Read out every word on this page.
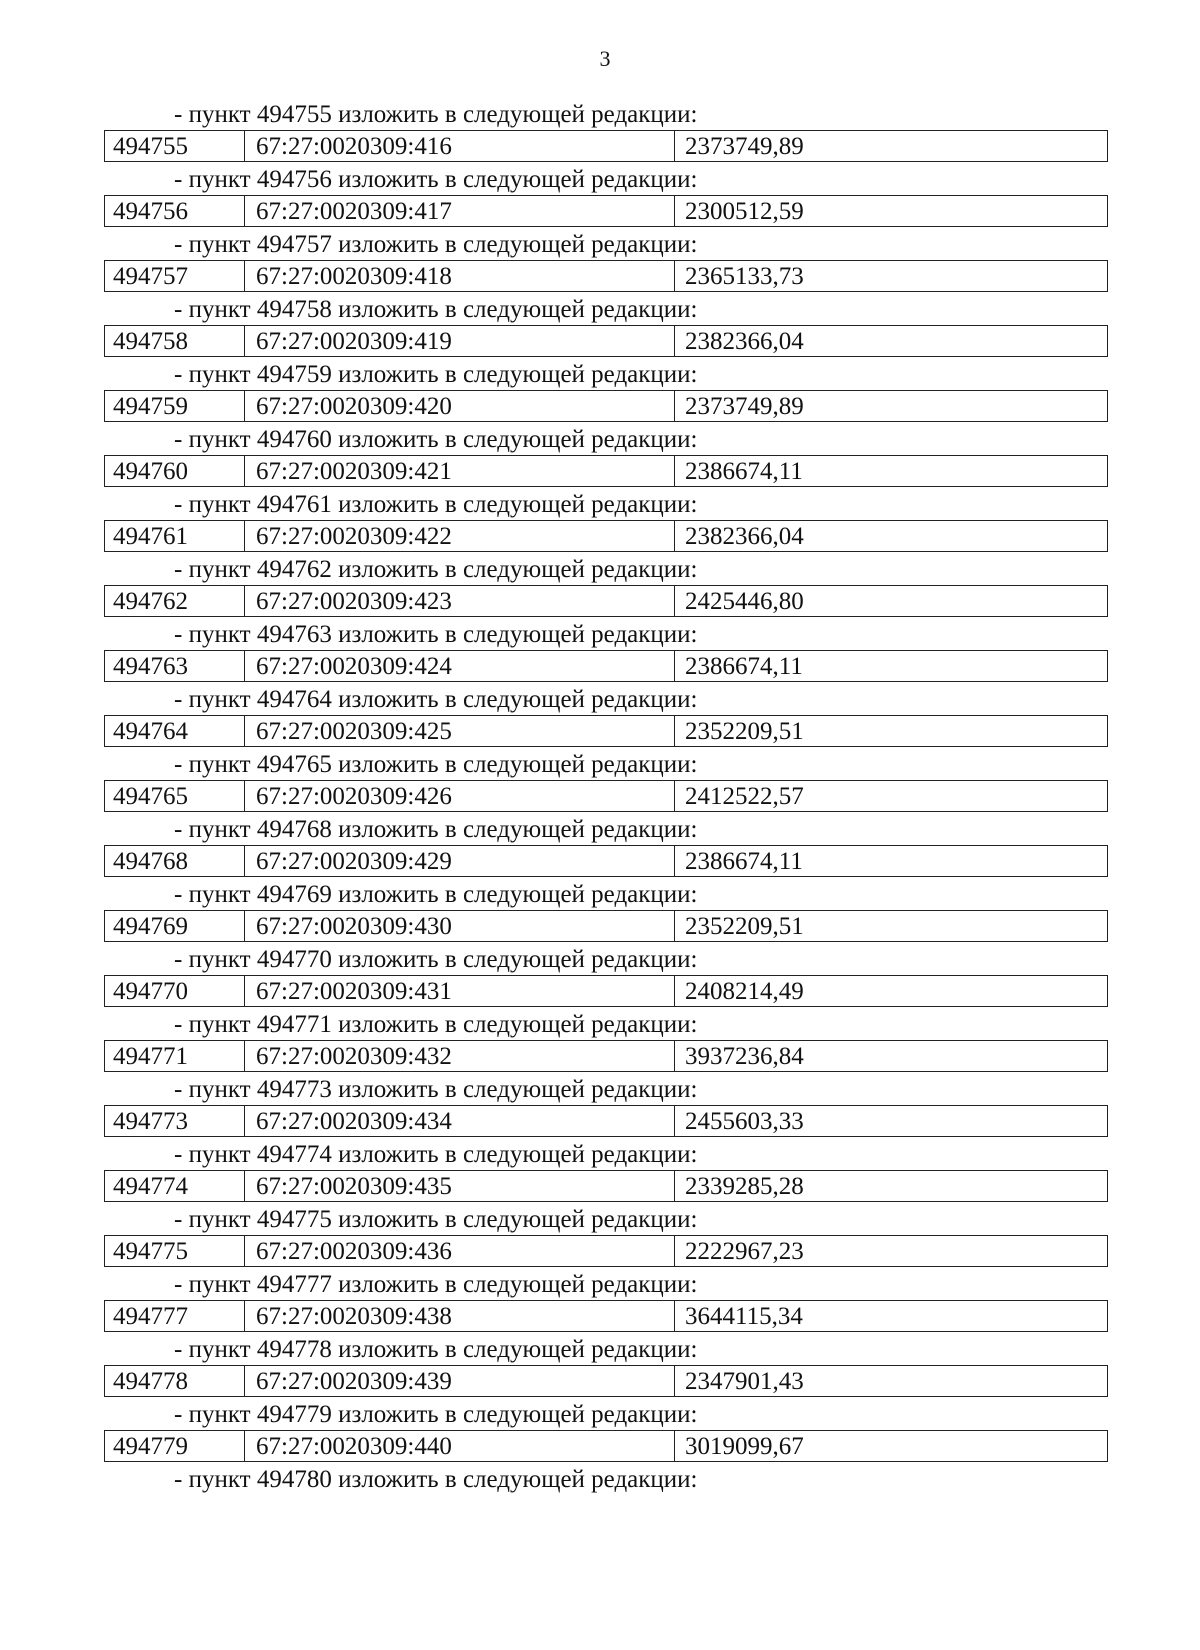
3
- пункт 494755 изложить в следующей редакции:
494755	67:27:0020309:416	2373749,89
- пункт 494756 изложить в следующей редакции:
494756	67:27:0020309:417	2300512,59
- пункт 494757 изложить в следующей редакции:
494757	67:27:0020309:418	2365133,73
- пункт 494758 изложить в следующей редакции:
494758	67:27:0020309:419	2382366,04
- пункт 494759 изложить в следующей редакции:
494759	67:27:0020309:420	2373749,89
- пункт 494760 изложить в следующей редакции:
494760	67:27:0020309:421	2386674,11
- пункт 494761 изложить в следующей редакции:
494761	67:27:0020309:422	2382366,04
- пункт 494762 изложить в следующей редакции:
494762	67:27:0020309:423	2425446,80
- пункт 494763 изложить в следующей редакции:
494763	67:27:0020309:424	2386674,11
- пункт 494764 изложить в следующей редакции:
494764	67:27:0020309:425	2352209,51
- пункт 494765 изложить в следующей редакции:
494765	67:27:0020309:426	2412522,57
- пункт 494768 изложить в следующей редакции:
494768	67:27:0020309:429	2386674,11
- пункт 494769 изложить в следующей редакции:
494769	67:27:0020309:430	2352209,51
- пункт 494770 изложить в следующей редакции:
494770	67:27:0020309:431	2408214,49
- пункт 494771 изложить в следующей редакции:
494771	67:27:0020309:432	3937236,84
- пункт 494773 изложить в следующей редакции:
494773	67:27:0020309:434	2455603,33
- пункт 494774 изложить в следующей редакции:
494774	67:27:0020309:435	2339285,28
- пункт 494775 изложить в следующей редакции:
494775	67:27:0020309:436	2222967,23
- пункт 494777 изложить в следующей редакции:
494777	67:27:0020309:438	3644115,34
- пункт 494778 изложить в следующей редакции:
494778	67:27:0020309:439	2347901,43
- пункт 494779 изложить в следующей редакции:
494779	67:27:0020309:440	3019099,67
- пункт 494780 изложить в следующей редакции:
